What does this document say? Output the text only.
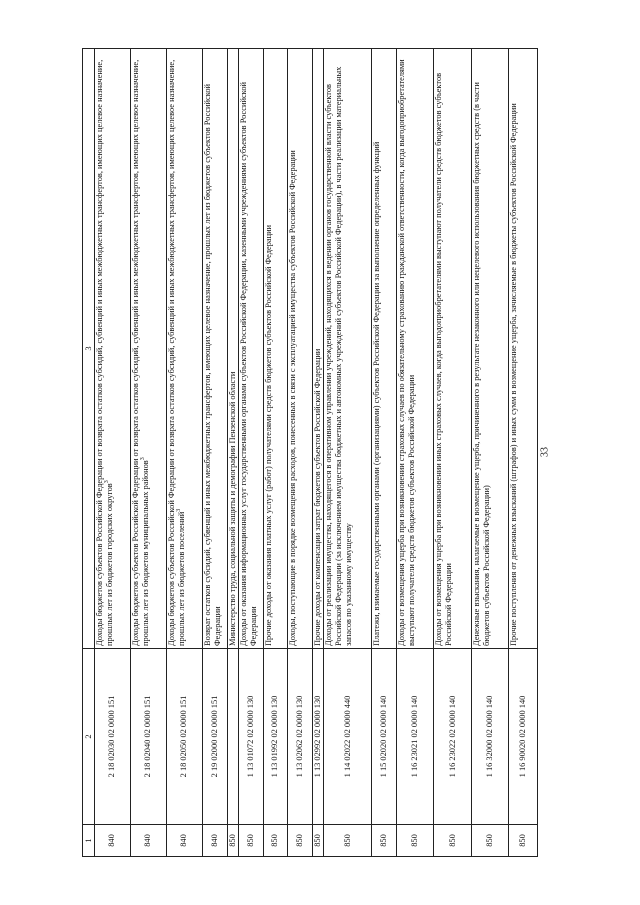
33
1	2	3
840	2 18 02030 02 0000 151	Доходы бюджетов субъектов Российской Федерации от возврата остатков субсидий, субвенций и иных межбюджетных трансфертов, имеющих целевое назначение, прошлых лет из бюджетов городских округов$^3$
840	2 18 02040 02 0000 151	Доходы бюджетов субъектов Российской Федерации от возврата остатков субсидий, субвенций и иных межбюджетных трансфертов, имеющих целевое назначение, прошлых лет из бюджетов муниципальных районов$^3$
840	2 18 02050 02 0000 151	Доходы бюджетов субъектов Российской Федерации от возврата остатков субсидий, субвенций и иных межбюджетных трансфертов, имеющих целевое назначение, прошлых лет из бюджетов поселений$^3$
840	2 19 02000 02 0000 151	Возврат остатков субсидий, субвенций и иных межбюджетных трансфертов, имеющих целевое назначение, прошлых лет из бюджетов субъектов Российской Федерации
850		Министерство труда, социальной защиты и демографии Пензенской области
850	1 13 01072 02 0000 130	Доходы от оказания информационных услуг государственными органами субъектов Российской Федерации, казенными учреждениями субъектов Российской Федерации
850	1 13 01992 02 0000 130	Прочие доходы от оказания платных услуг (работ) получателями средств бюджетов субъектов Российской Федерации
850	1 13 02062 02 0000 130	Доходы, поступающие в порядке возмещения расходов, понесенных в связи с эксплуатацией имущества субъектов Российской Федерации
850	1 13 02992 02 0000 130	Прочие доходы от компенсации затрат бюджетов субъектов Российской Федерации
850	1 14 02022 02 0000 440	Доходы от реализации имущества, находящегося в оперативном управлении учреждений, находящихся в ведении органов государственной власти субъектов Российской Федерации (за исключением имущества бюджетных и автономных учреждений субъектов Российской Федерации), в части реализации материальных запасов по указанному имуществу
850	1 15 02020 02 0000 140	Платежи, взимаемые государственными органами (организациями) субъектов Российской Федерации за выполнение определенных функций
850	1 16 23021 02 0000 140	Доходы от возмещения ущерба при возникновении страховых случаев по обязательному страхованию гражданской ответственности, когда выгодоприобретателями выступают получатели средств бюджетов субъектов Российской Федерации
850	1 16 23022 02 0000 140	Доходы от возмещения ущерба при возникновении иных страховых случаев, когда выгодоприобретателями выступают получатели средств бюджетов субъектов Российской Федерации
850	1 16 32000 02 0000 140	Денежные взыскания, налагаемые в возмещение ущерба, причиненного в результате незаконного или нецелевого использования бюджетных средств (в части бюджетов субъектов Российской Федерации)
850	1 16 90020 02 0000 140	Прочие поступления от денежных взысканий (штрафов) и иных сумм в возмещение ущерба, зачисляемые в бюджеты субъектов Российской Федерации
